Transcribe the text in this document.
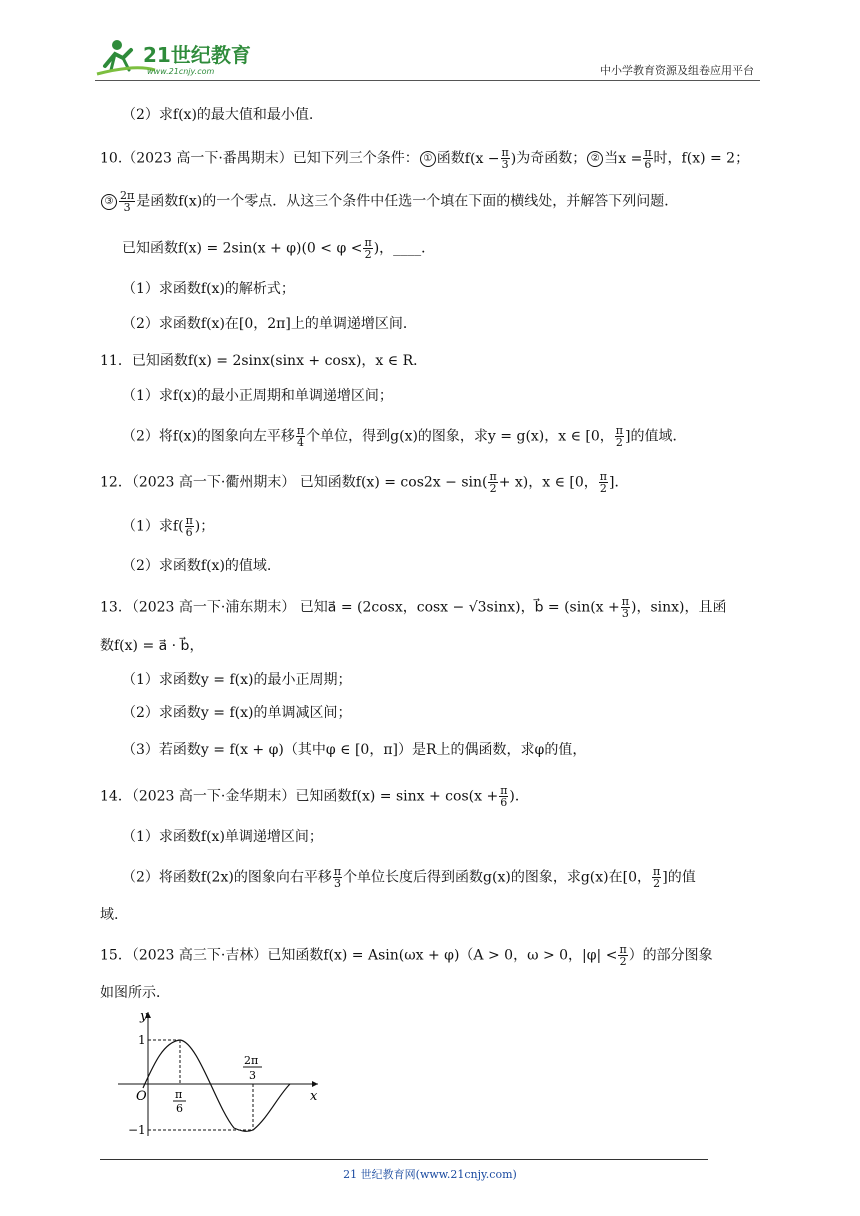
21世纪教育
www.21cnjy.com	中小学教育资源及组卷应用平台
（2）求f(x)的最大值和最小值.
10.（2023 高一下·番禺期末）已知下列三个条件： ① 函数$f(x - \frac{\pi}{3}$ )为奇函数； ② 当$x = \frac{\pi}{6}$ 时，f(x) = 2；
③ $\frac{2\pi}{3}$ 是函数f(x)的一个零点．从这三个条件中任选一个填在下面的横线处，并解答下列问题．
已知函数$f(x) = 2\sin(x + \varphi)(0 < \varphi < \frac{\pi}{2}$ )，____．
（1）求函数f(x)的解析式；
（2）求函数f(x)在[0，2π]上的单调递增区间．
11．已知函数f(x) = 2sinx(sinx + cosx)，x ∈ R．
（1）求f(x)的最小正周期和单调递增区间；
（2）将f(x)的图象向左平移 $\frac{\pi}{4}$ 个单位，得到g(x)的图象，求y = g(x)，x ∈ [0， $\frac{\pi}{2}$ ]的值域．
12．（2023 高一下·衢州期末） 已知函数$f(x) = \cos 2x - \sin( \frac{\pi}{2} + x)$，x ∈ [0， $\frac{\pi}{2}$ ]．
（1）求$f( \frac{\pi}{6}$ )；
（2）求函数f(x)的值域.
13．（2023 高一下·浦东期末） 已知a⃗ = (2cosx，cosx − √3sinx)，b⃗ = ($\sin(x + \frac{\pi}{3}$ )，sinx)，且函
数f(x) = a⃗ · b⃗，
（1）求函数y = f(x)的最小正周期；
（2）求函数y = f(x)的单调减区间；
（3）若函数y = f(x + φ)（其中φ ∈ [0，π]）是R上的偶函数，求φ的值，
14．（2023 高一下·金华期末）已知函数$f(x) = \sin x + \cos(x + \frac{\pi}{6}$ )．
（1）求函数f(x)单调递增区间；
（2）将函数f(2x)的图象向右平移 $\frac{\pi}{3}$ 个单位长度后得到函数g(x)的图象，求g(x)在[0， $\frac{\pi}{2}$ ]的值
域.
15．（2023 高三下·吉林）已知函数f(x) = Asin(ωx + φ)（A > 0，ω > 0，$|\varphi| < \frac{\pi}{2}$ ）的部分图象
如图所示．
y
x
O
1
−1
π
6
2π
3
21 世纪教育网(www.21cnjy.com)
